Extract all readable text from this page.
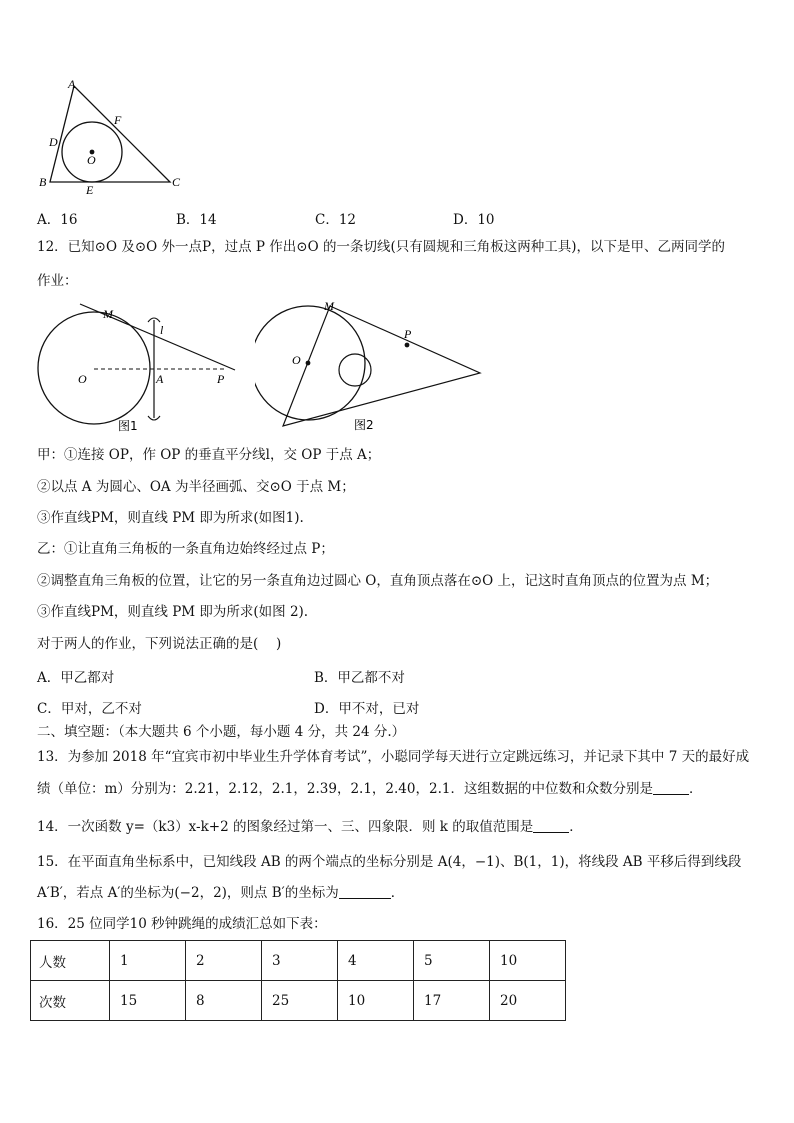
A
B	C
D
E
F
O
A．16	B．14	C．12	D．10
12．已知⊙O 及⊙O 外一点P，过点 P 作出⊙O 的一条切线(只有圆规和三角板这两种工具)，以下是甲、乙两同学的
作业：
M
l
O	A	P
图1
M
O
P
图2
甲：①连接 OP，作 OP 的垂直平分线l，交 OP 于点 A；
②以点 A 为圆心、OA 为半径画弧、交⊙O 于点 M；
③作直线PM，则直线 PM 即为所求(如图1).
乙：①让直角三角板的一条直角边始终经过点 P；
②调整直角三角板的位置，让它的另一条直角边过圆心 O，直角顶点落在⊙O 上，记这时直角顶点的位置为点 M；
③作直线PM，则直线 PM 即为所求(如图 2).
对于两人的作业，下列说法正确的是(　 )
A．甲乙都对	B．甲乙都不对
C．甲对，乙不对	D．甲不对，已对
二、填空题：（本大题共 6 个小题，每小题 4 分，共 24 分.）
13．为参加 2018 年“宜宾市初中毕业生升学体育考试”，小聪同学每天进行立定跳远练习，并记录下其中 7 天的最好成
绩（单位：m）分别为：2.21，2.12，2.1，2.39，2.1，2.40，2.1．这组数据的中位数和众数分别是	．
14．一次函数 y=（k3）x-k+2 的图象经过第一、三、四象限．则 k 的取值范围是	．
15．在平面直角坐标系中，已知线段 AB 的两个端点的坐标分别是 A(4，−1)、B(1，1)，将线段 AB 平移后得到线段
A′B′，若点 A′的坐标为(−2，2)，则点 B′的坐标为	．
16．25 位同学10 秒钟跳绳的成绩汇总如下表：
人数	1	2	3	4	5	10
次数	15	8	25	10	17	20
